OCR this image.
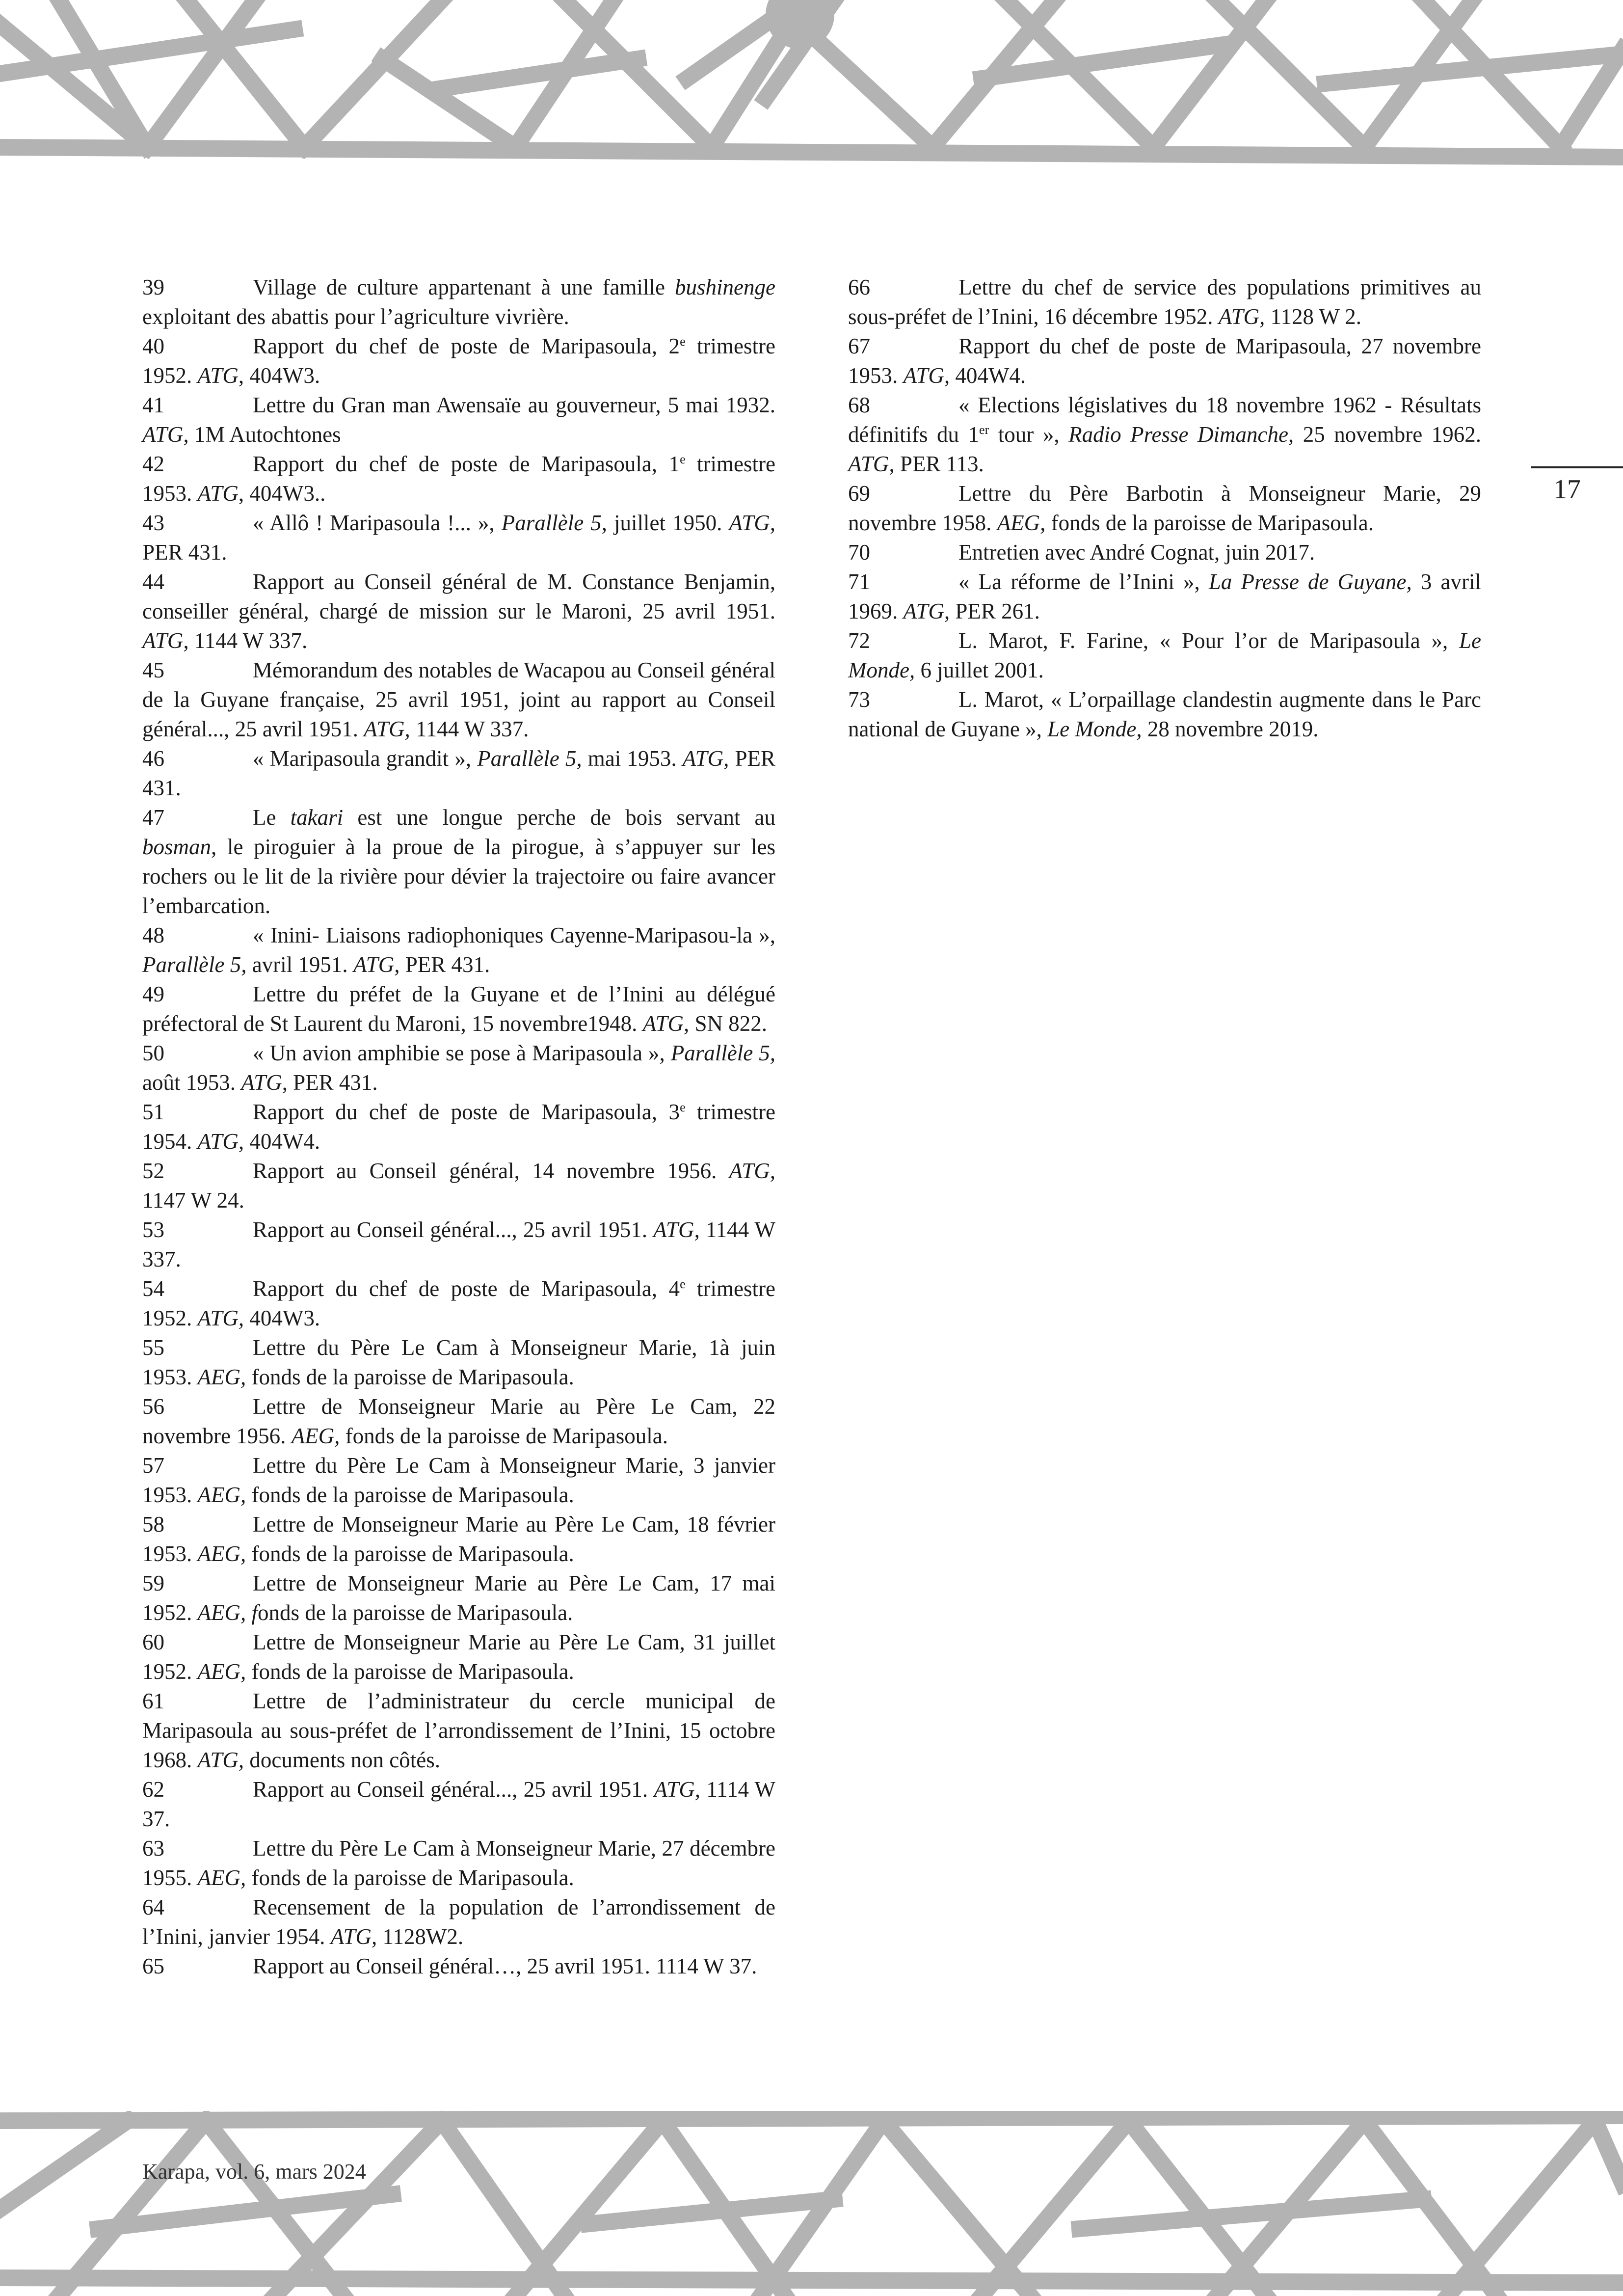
39	Village de culture appartenant à une famille bushinenge exploitant des abattis pour l’agriculture vivrière.

40	Rapport du chef de poste de Maripasoula, 2e trimestre 1952. ATG, 404W3.

41	Lettre du Gran man Awensaïe au gouverneur, 5 mai 1932. ATG, 1M Autochtones

42	Rapport du chef de poste de Maripasoula, 1e trimestre 1953. ATG, 404W3..

43	« Allô ! Maripasoula !... », Parallèle 5, juillet 1950. ATG, PER 431.

44	Rapport au Conseil général de M. Constance Benjamin, conseiller général, chargé de mission sur le Maroni, 25 avril 1951. ATG, 1144 W 337.

45	Mémorandum des notables de Wacapou au Conseil général de la Guyane française, 25 avril 1951, joint au rapport au Conseil général..., 25 avril 1951. ATG, 1144 W 337.

46	« Maripasoula grandit », Parallèle 5, mai 1953. ATG, PER 431.

47	Le takari est une longue perche de bois servant au bosman, le piroguier à la proue de la pirogue, à s’appuyer sur les rochers ou le lit de la rivière pour dévier la trajectoire ou faire avancer l’embarcation.

48	« Inini- Liaisons radiophoniques Cayenne-Maripasou-la », Parallèle 5, avril 1951. ATG, PER 431.

49	Lettre du préfet de la Guyane et de l’Inini au délégué préfectoral de St Laurent du Maroni, 15 novembre1948. ATG, SN 822.

50	« Un avion amphibie se pose à Maripasoula », Parallèle 5, août 1953. ATG, PER 431.

51	Rapport du chef de poste de Maripasoula, 3e trimestre 1954. ATG, 404W4.

52	Rapport au Conseil général, 14 novembre 1956. ATG, 1147 W 24.

53	Rapport au Conseil général..., 25 avril 1951. ATG, 1144 W 337.

54	Rapport du chef de poste de Maripasoula, 4e trimestre 1952. ATG, 404W3.

55	Lettre du Père Le Cam à Monseigneur Marie, 1à juin 1953. AEG, fonds de la paroisse de Maripasoula.

56	Lettre de Monseigneur Marie au Père Le Cam, 22 novembre 1956. AEG, fonds de la paroisse de Maripasoula.

57	Lettre du Père Le Cam à Monseigneur Marie, 3 janvier 1953. AEG, fonds de la paroisse de Maripasoula.

58	Lettre de Monseigneur Marie au Père Le Cam, 18 février 1953. AEG, fonds de la paroisse de Maripasoula.

59	Lettre de Monseigneur Marie au Père Le Cam, 17 mai 1952. AEG, fonds de la paroisse de Maripasoula.

60	Lettre de Monseigneur Marie au Père Le Cam, 31 juillet 1952. AEG, fonds de la paroisse de Maripasoula.

61	Lettre de l’administrateur du cercle municipal de Maripasoula au sous-préfet de l’arrondissement de l’Inini, 15 octobre 1968. ATG, documents non côtés.

62	Rapport au Conseil général..., 25 avril 1951. ATG, 1114 W 37.

63	Lettre du Père Le Cam à Monseigneur Marie, 27 décembre 1955. AEG, fonds de la paroisse de Maripasoula.

64	Recensement de la population de l’arrondissement de l’Inini, janvier 1954. ATG, 1128W2.

65	Rapport au Conseil général…, 25 avril 1951. 1114 W 37.

66	Lettre du chef de service des populations primitives au sous-préfet de l’Inini, 16 décembre 1952. ATG, 1128 W 2.

67	Rapport du chef de poste de Maripasoula, 27 novembre 1953. ATG, 404W4.

68	« Elections législatives du 18 novembre 1962 - Résultats définitifs du 1er tour », Radio Presse Dimanche, 25 novembre 1962. ATG, PER 113.

69	Lettre du Père Barbotin à Monseigneur Marie, 29 novembre 1958. AEG, fonds de la paroisse de Maripasoula.

70	Entretien avec André Cognat, juin 2017.

71	« La réforme de l’Inini », La Presse de Guyane, 3 avril 1969. ATG, PER 261.

72	L. Marot, F. Farine, « Pour l’or de Maripasoula », Le Monde, 6 juillet 2001.

73	L. Marot, « L’orpaillage clandestin augmente dans le Parc national de Guyane », Le Monde, 28 novembre 2019.

17
Karapa, vol. 6, mars 2024
